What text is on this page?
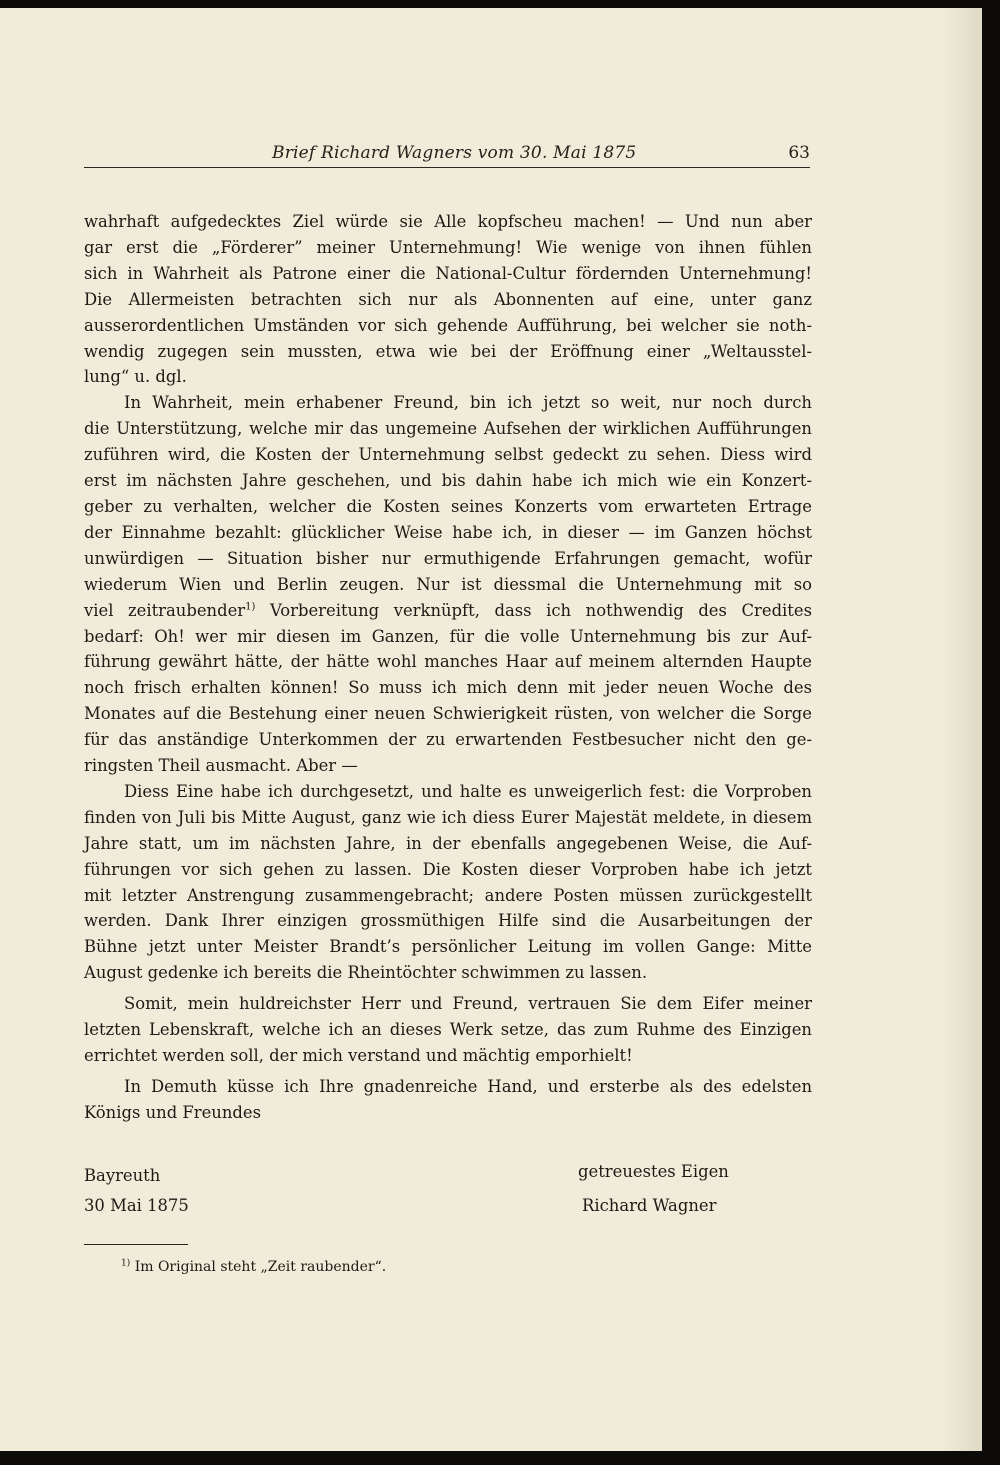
Brief Richard Wagners vom 30. Mai 1875	63
wahrhaft aufgedecktes Ziel würde sie Alle kopfscheu machen! — Und nun aber
gar erst die „Förderer” meiner Unternehmung! Wie wenige von ihnen fühlen
sich in Wahrheit als Patrone einer die National-Cultur fördernden Unternehmung!
Die Allermeisten betrachten sich nur als Abonnenten auf eine, unter ganz
ausserordentlichen Umständen vor sich gehende Aufführung, bei welcher sie noth-
wendig zugegen sein mussten, etwa wie bei der Eröffnung einer „Weltausstel-
lung“ u. dgl.
In Wahrheit, mein erhabener Freund, bin ich jetzt so weit, nur noch durch
die Unterstützung, welche mir das ungemeine Aufsehen der wirklichen Aufführungen
zuführen wird, die Kosten der Unternehmung selbst gedeckt zu sehen. Diess wird
erst im nächsten Jahre geschehen, und bis dahin habe ich mich wie ein Konzert-
geber zu verhalten, welcher die Kosten seines Konzerts vom erwarteten Ertrage
der Einnahme bezahlt: glücklicher Weise habe ich, in dieser — im Ganzen höchst
unwürdigen — Situation bisher nur ermuthigende Erfahrungen gemacht, wofür
wiederum Wien und Berlin zeugen. Nur ist diessmal die Unternehmung mit so
viel zeitraubender$^{1)}$ Vorbereitung verknüpft, dass ich nothwendig des Credites
bedarf: Oh! wer mir diesen im Ganzen, für die volle Unternehmung bis zur Auf-
führung gewährt hätte, der hätte wohl manches Haar auf meinem alternden Haupte
noch frisch erhalten können! So muss ich mich denn mit jeder neuen Woche des
Monates auf die Bestehung einer neuen Schwierigkeit rüsten, von welcher die Sorge
für das anständige Unterkommen der zu erwartenden Festbesucher nicht den ge-
ringsten Theil ausmacht. Aber —
Diess Eine habe ich durchgesetzt, und halte es unweigerlich fest: die Vorproben
finden von Juli bis Mitte August, ganz wie ich diess Eurer Majestät meldete, in diesem
Jahre statt, um im nächsten Jahre, in der ebenfalls angegebenen Weise, die Auf-
führungen vor sich gehen zu lassen. Die Kosten dieser Vorproben habe ich jetzt
mit letzter Anstrengung zusammengebracht; andere Posten müssen zurückgestellt
werden. Dank Ihrer einzigen grossmüthigen Hilfe sind die Ausarbeitungen der
Bühne jetzt unter Meister Brandt’s persönlicher Leitung im vollen Gange: Mitte
August gedenke ich bereits die Rheintöchter schwimmen zu lassen.
Somit, mein huldreichster Herr und Freund, vertrauen Sie dem Eifer meiner
letzten Lebenskraft, welche ich an dieses Werk setze, das zum Ruhme des Einzigen
errichtet werden soll, der mich verstand und mächtig emporhielt!
In Demuth küsse ich Ihre gnadenreiche Hand, und ersterbe als des edelsten
Königs und Freundes
Bayreuth
30 Mai 1875
getreuestes Eigen
Richard Wagner
$^{1)}$ Im Original steht „Zeit raubender“.
